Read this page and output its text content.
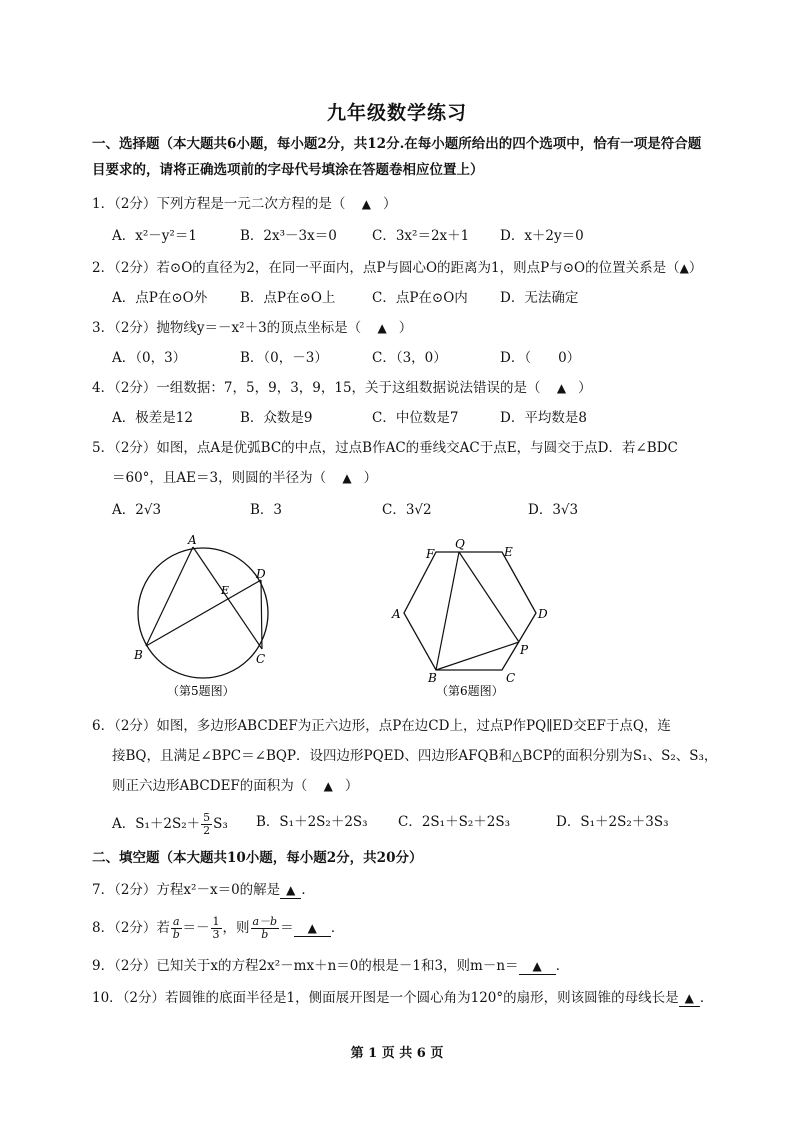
九年级数学练习
一、选择题（本大题共6小题，每小题2分，共12分.在每小题所给出的四个选项中，恰有一项是符合题
目要求的，请将正确选项前的字母代号填涂在答题卷相应位置上）
1．（2分）下列方程是一元二次方程的是（ ▲ ）
A．x²－y²＝1	B．2x³－3x＝0	C．3x²＝2x＋1 D．x＋2y＝0
2．（2分）若⊙O的直径为2，在同一平面内，点P与圆心O的距离为1，则点P与⊙O的位置关系是（▲）
A．点P在⊙O外 B．点P在⊙O上	C．点P在⊙O内 D．无法确定
3．（2分）抛物线y＝－x²＋3的顶点坐标是（ ▲ ）
A．（0，3）	B．（0，－3）	C．（3，0）	D．（　　0）
4．（2分）一组数据：7，5，9，3，9，15，关于这组数据说法错误的是（ ▲ ）
A．极差是12	B．众数是9	C．中位数是7	D．平均数是8
5．（2分）如图，点A是优弧BC的中点，过点B作AC的垂线交AC于点E，与圆交于点D．若∠BDC
＝60°，且AE＝3，则圆的半径为（ ▲ ）
A．2√3	B．3	C．3√2	D．3√3
A
B	C
D
E
（第5题图）
F
Q
E
A	D
P
B	C
（第6题图）
6．（2分）如图，多边形ABCDEF为正六边形，点P在边CD上，过点P作PQ∥ED交EF于点Q，连
接BQ，且满足∠BPC＝∠BQP．设四边形PQED、四边形AFQB和△BCP的面积分别为S₁、S₂、S₃，
则正六边形ABCDEF的面积为（ ▲ ）
A．$S_1+2S_2+ \frac{5}{2} S_3$ B．S₁＋2S₂＋2S₃ C．2S₁＋S₂＋2S₃	D．S₁＋2S₂＋3S₃
二、填空题（本大题共10小题，每小题2分，共20分）
7．（2分）方程x²－x＝0的解是 ▲ ．
8．（2分）若 $\frac{a}{b} =- \frac{1}{3}$ ，则 $\frac{a-b}{b}$ ＝ ▲ ．
9．（2分）已知关于x的方程2x²－mx＋n＝0的根是－1和3，则m－n＝ ▲ ．
10．（2分）若圆锥的底面半径是1，侧面展开图是一个圆心角为120°的扇形，则该圆锥的母线长是 ▲ ．
第 1 页 共 6 页
